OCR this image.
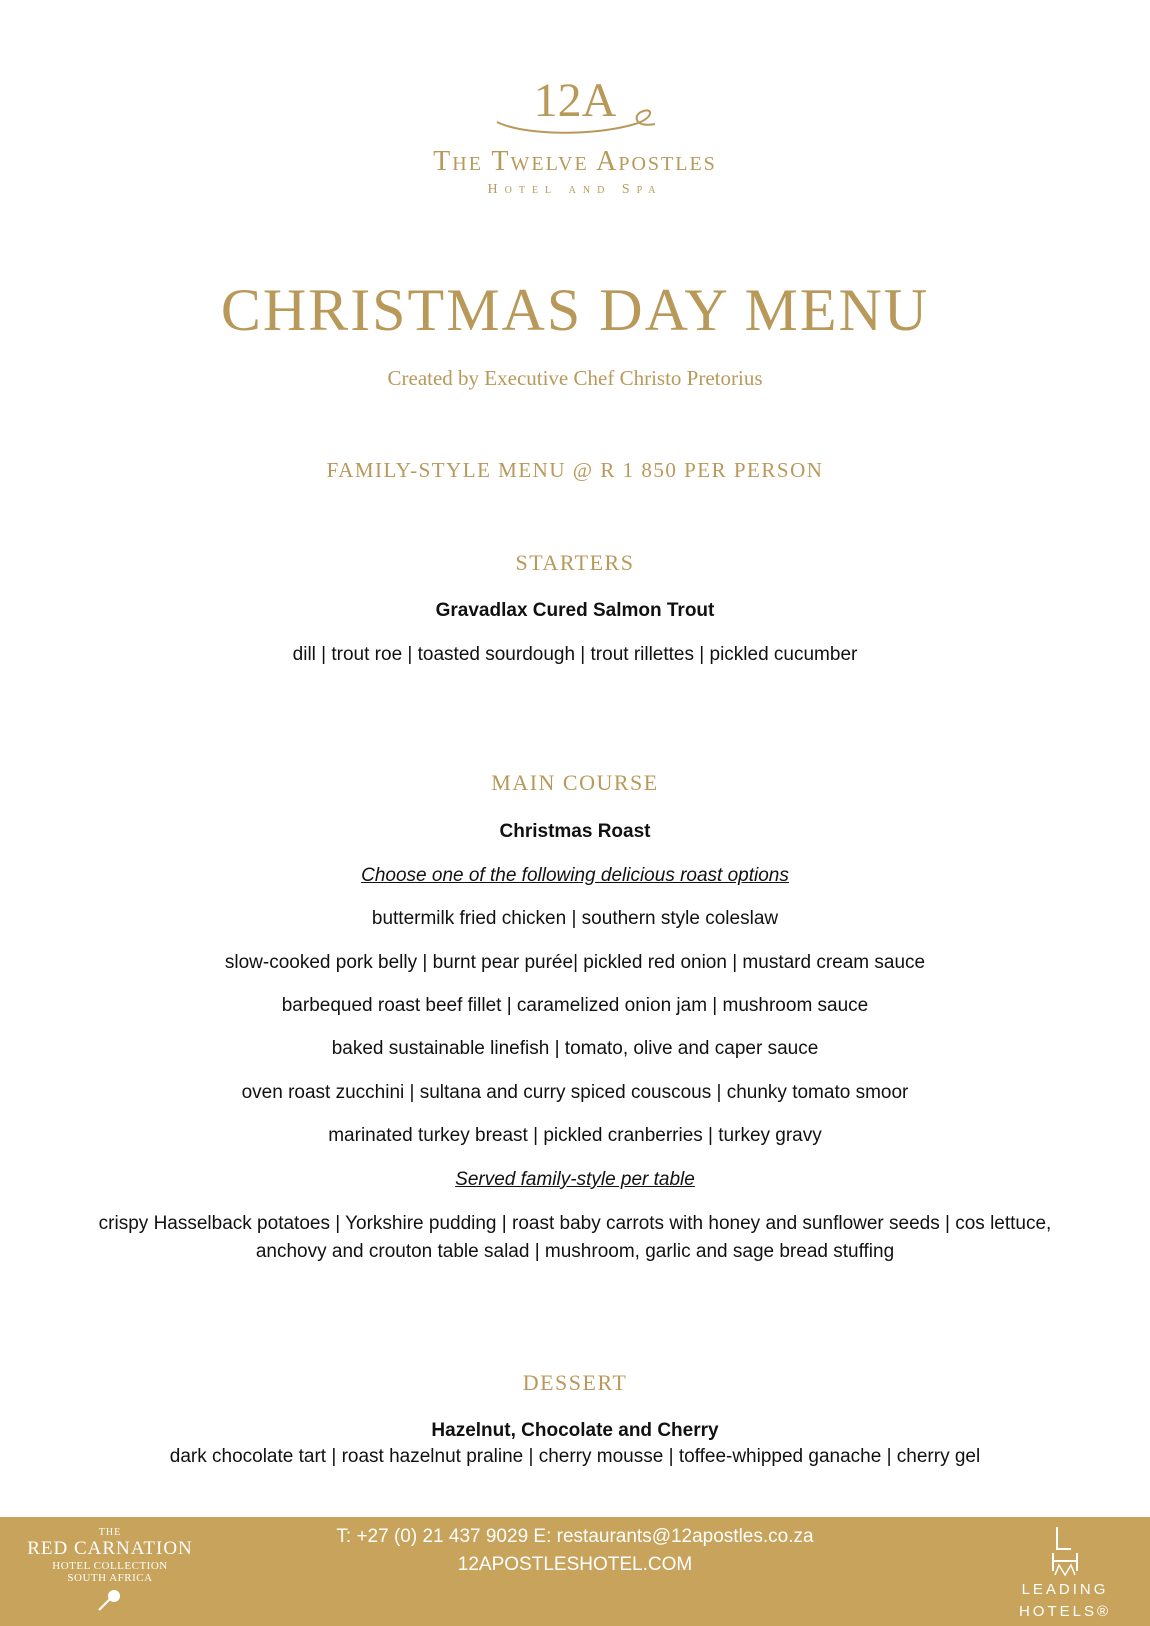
12A
The Twelve Apostles
Hotel and Spa
CHRISTMAS DAY MENU
Created by Executive Chef Christo Pretorius
FAMILY-STYLE MENU @ R 1 850 PER PERSON
STARTERS
Gravadlax Cured Salmon Trout
dill | trout roe | toasted sourdough | trout rillettes | pickled cucumber
MAIN COURSE
Christmas Roast
Choose one of the following delicious roast options
buttermilk fried chicken | southern style coleslaw
slow-cooked pork belly | burnt pear purée| pickled red onion | mustard cream sauce
barbequed roast beef fillet | caramelized onion jam | mushroom sauce
baked sustainable linefish | tomato, olive and caper sauce
oven roast zucchini | sultana and curry spiced couscous | chunky tomato smoor
marinated turkey breast | pickled cranberries | turkey gravy
Served family-style per table
crispy Hasselback potatoes | Yorkshire pudding | roast baby carrots with honey and sunflower seeds | cos lettuce,
anchovy and crouton table salad | mushroom, garlic and sage bread stuffing
DESSERT
Hazelnut, Chocolate and Cherry
dark chocolate tart | roast hazelnut praline | cherry mousse | toffee-whipped ganache | cherry gel
THE
RED CARNATION
HOTEL COLLECTION
SOUTH AFRICA
T: +27 (0) 21 437 9029 E: restaurants@12apostles.co.za
12APOSTLESHOTEL.COM
LEADING
HOTELS®
